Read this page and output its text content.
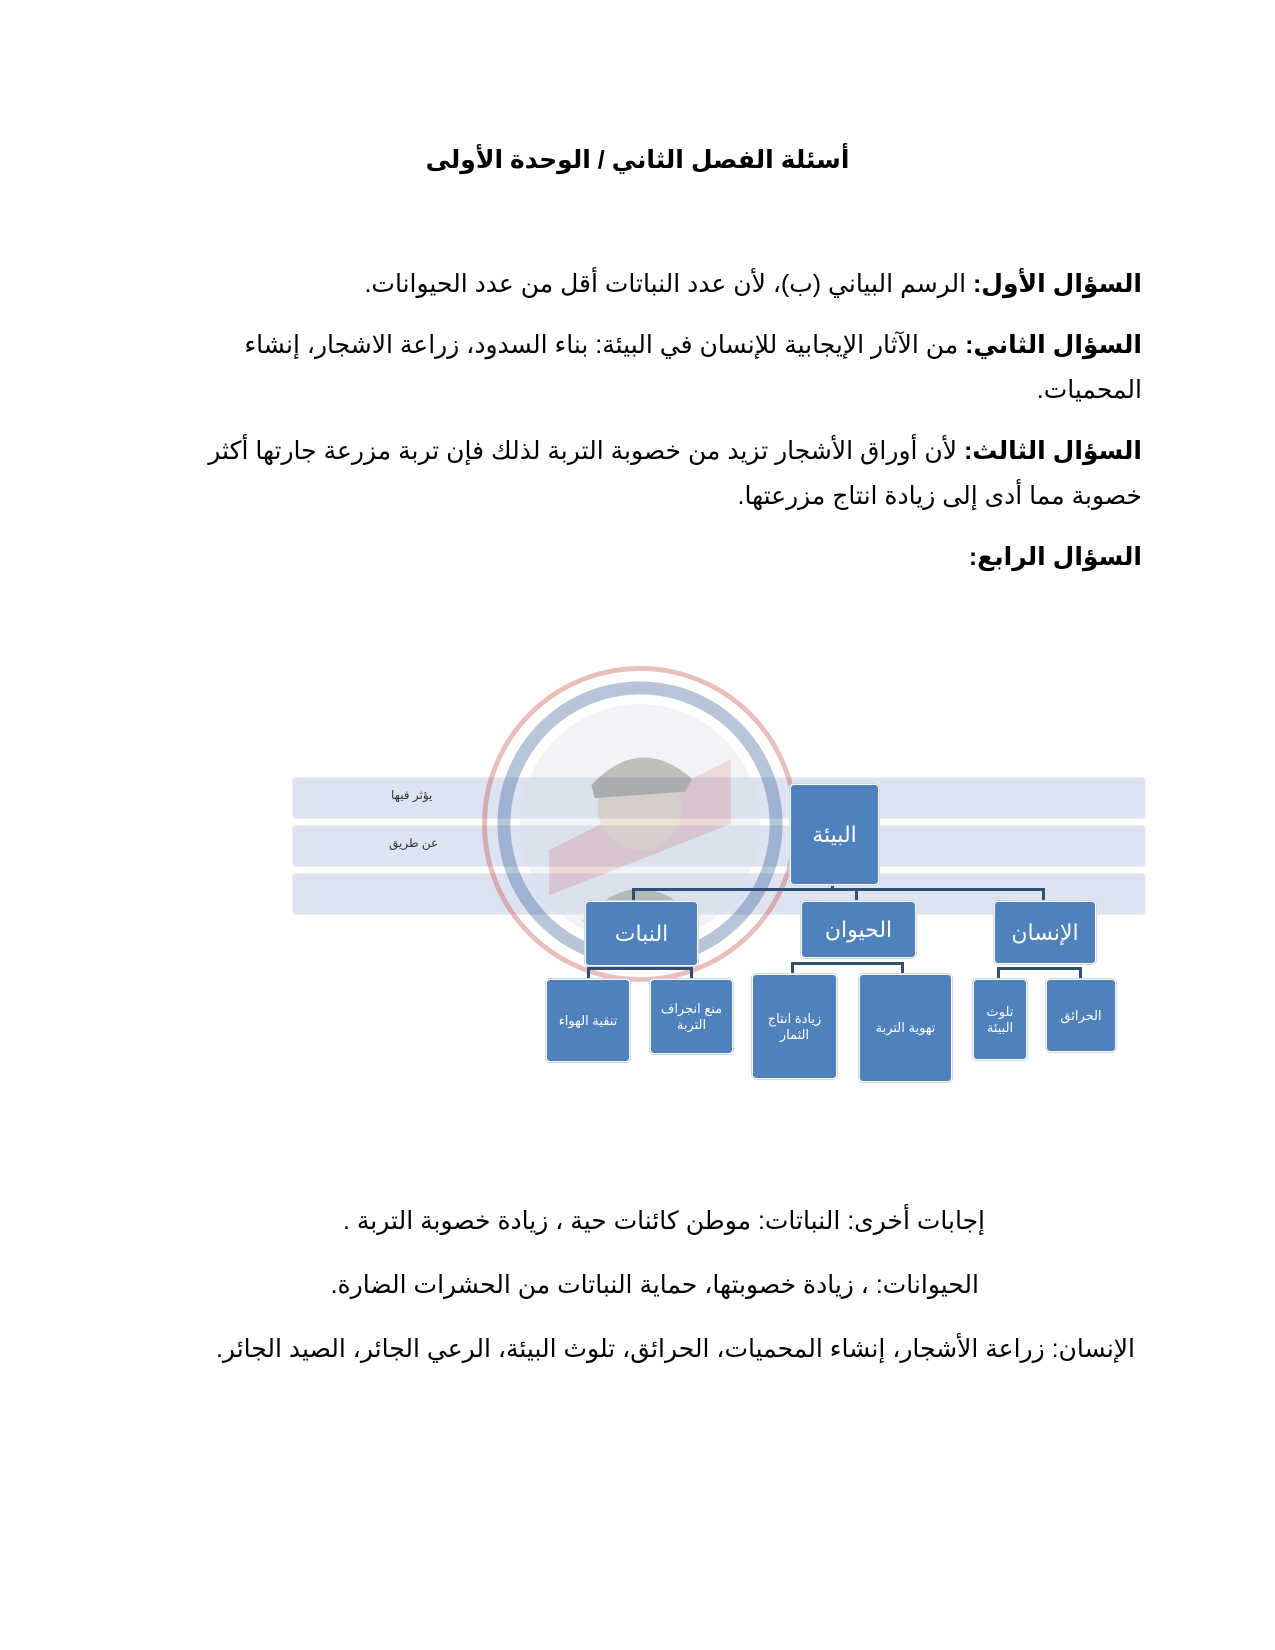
أسئلة الفصل الثاني / الوحدة الأولى
السؤال الأول: الرسم البياني (ب)، لأن عدد النباتات أقل من عدد الحيوانات.
السؤال الثاني: من الآثار الإيجابية للإنسان في البيئة: بناء السدود، زراعة الاشجار، إنشاء المحميات.
السؤال الثالث: لأن أوراق الأشجار تزيد من خصوبة التربة لذلك فإن تربة مزرعة جارتها أكثر خصوبة مما أدى إلى زيادة انتاج مزرعتها.
السؤال الرابع:
يؤثر فيها
عن طريق	البيئة
الإنسان
الحيوان
النبات
الحرائق
تلوث البيئة
تهوية التربة
زيادة انتاج الثمار
منع انجراف التربة
تنقية الهواء
إجابات أخرى: النباتات: موطن كائنات حية ، زيادة خصوبة التربة .
الحيوانات: ، زيادة خصوبتها، حماية النباتات من الحشرات الضارة.
الإنسان: زراعة الأشجار، إنشاء المحميات، الحرائق، تلوث البيئة، الرعي الجائر، الصيد الجائر.
